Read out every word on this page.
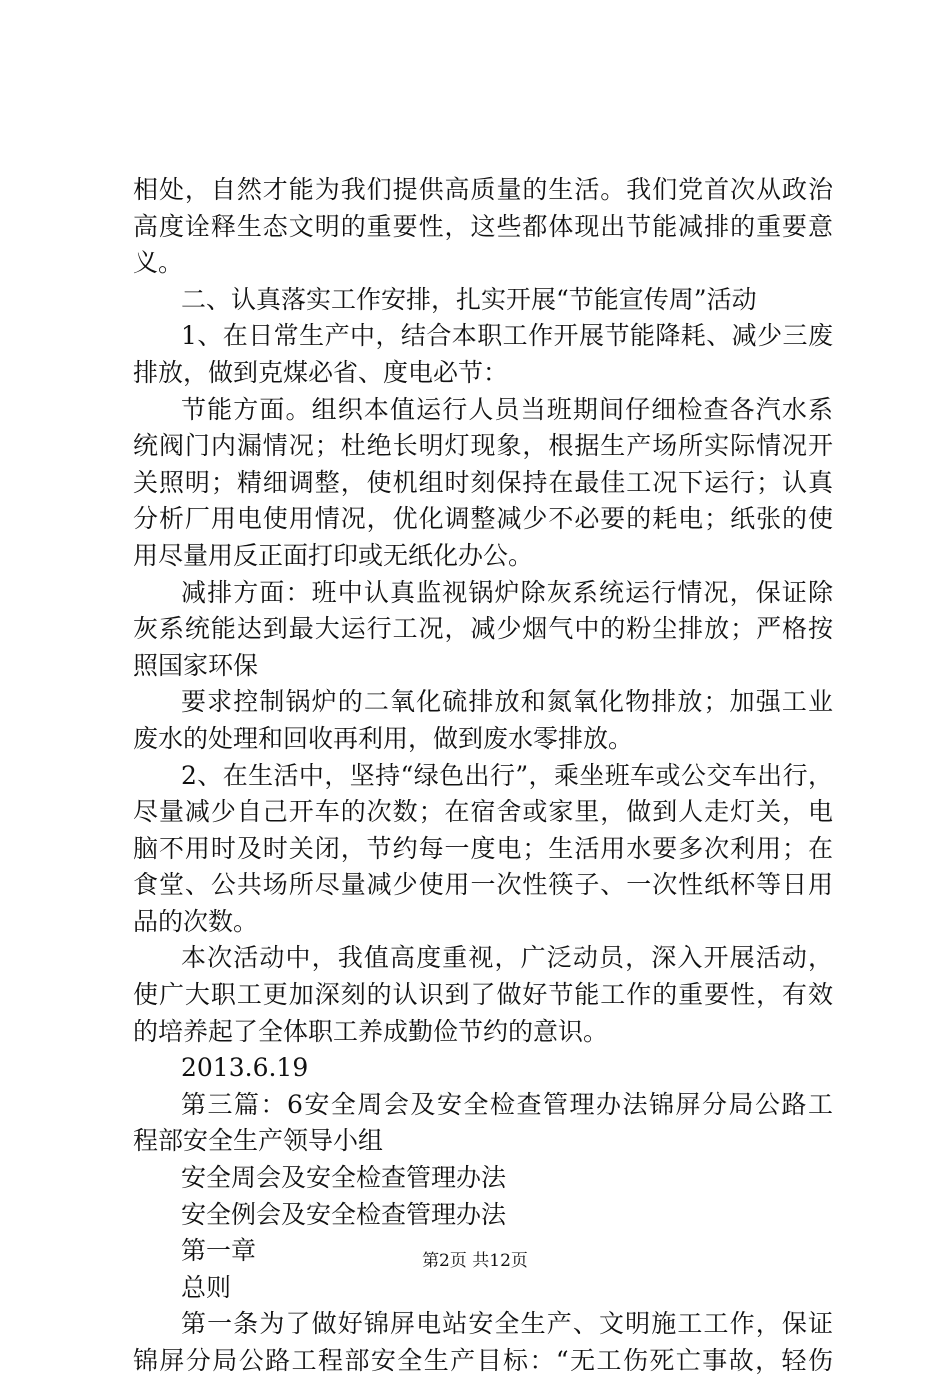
相处，自然才能为我们提供高质量的生活。我们党首次从政治
高度诠释生态文明的重要性，这些都体现出节能减排的重要意
义。
二、认真落实工作安排，扎实开展“节能宣传周”活动
1、在日常生产中，结合本职工作开展节能降耗、减少三废
排放，做到克煤必省、度电必节：
节能方面。组织本值运行人员当班期间仔细检查各汽水系
统阀门内漏情况；杜绝长明灯现象，根据生产场所实际情况开
关照明；精细调整，使机组时刻保持在最佳工况下运行；认真
分析厂用电使用情况，优化调整减少不必要的耗电；纸张的使
用尽量用反正面打印或无纸化办公。
减排方面：班中认真监视锅炉除灰系统运行情况，保证除
灰系统能达到最大运行工况，减少烟气中的粉尘排放；严格按
照国家环保
要求控制锅炉的二氧化硫排放和氮氧化物排放；加强工业
废水的处理和回收再利用，做到废水零排放。
2、在生活中，坚持“绿色出行”，乘坐班车或公交车出行，
尽量减少自己开车的次数；在宿舍或家里，做到人走灯关，电
脑不用时及时关闭，节约每一度电；生活用水要多次利用；在
食堂、公共场所尽量减少使用一次性筷子、一次性纸杯等日用
品的次数。
本次活动中，我值高度重视，广泛动员，深入开展活动，
使广大职工更加深刻的认识到了做好节能工作的重要性，有效
的培养起了全体职工养成勤俭节约的意识。
2013.6.19
第三篇：6安全周会及安全检查管理办法锦屏分局公路工
程部安全生产领导小组
安全周会及安全检查管理办法
安全例会及安全检查管理办法
第一章
总则
第一条为了做好锦屏电站安全生产、文明施工工作，保证
锦屏分局公路工程部安全生产目标：“无工伤死亡事故，轻伤
第2页 共12页
